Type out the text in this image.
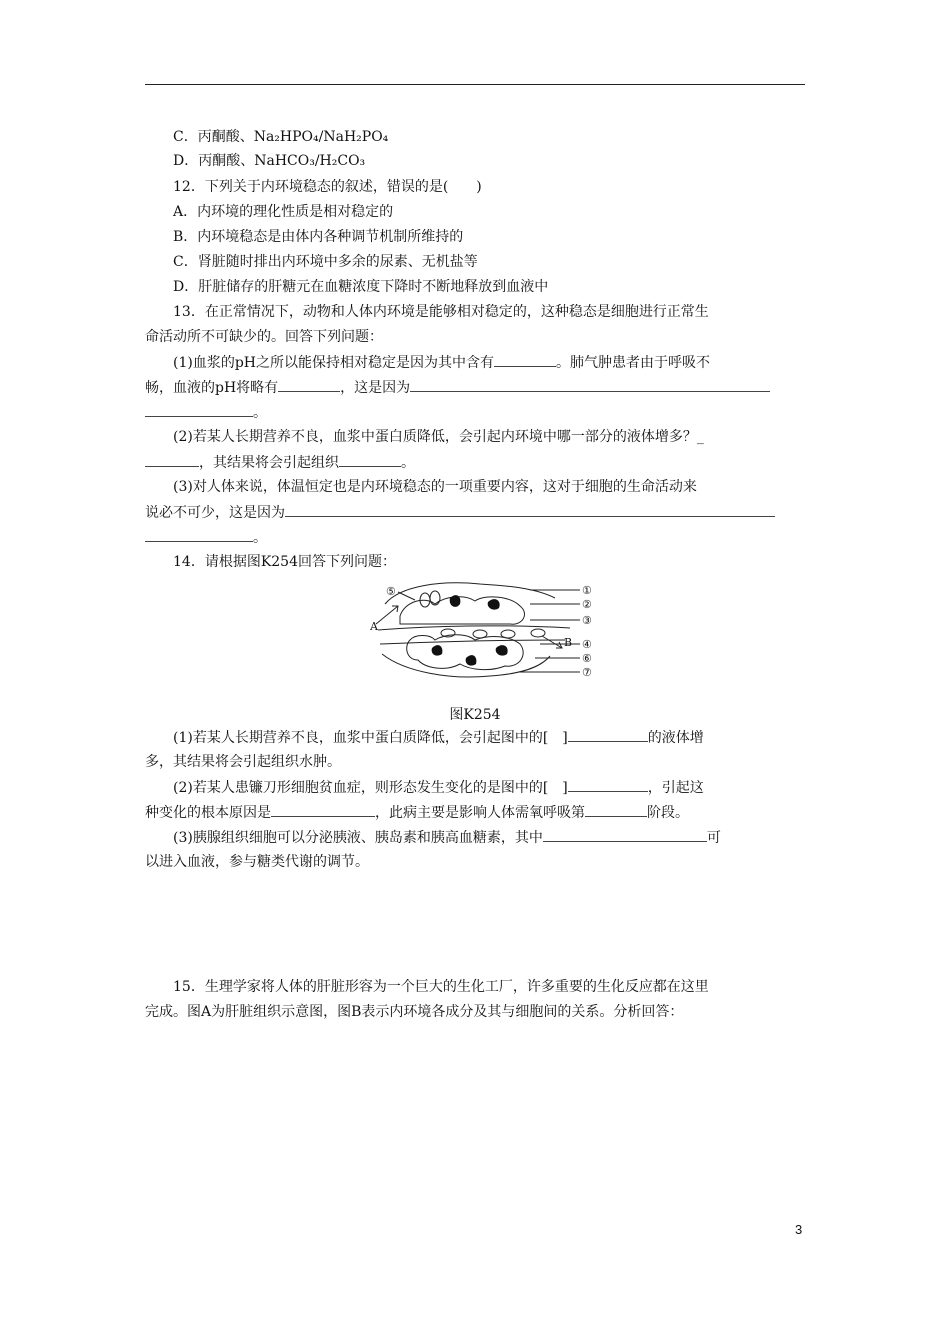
C．丙酮酸、Na₂HPO₄/NaH₂PO₄
D．丙酮酸、NaHCO₃/H₂CO₃
12．下列关于内环境稳态的叙述，错误的是(　　)
A．内环境的理化性质是相对稳定的
B．内环境稳态是由体内各种调节机制所维持的
C．肾脏随时排出内环境中多余的尿素、无机盐等
D．肝脏储存的肝糖元在血糖浓度下降时不断地释放到血液中
13．在正常情况下，动物和人体内环境是能够相对稳定的，这种稳态是细胞进行正常生
命活动所不可缺少的。回答下列问题：
(1)血浆的pH之所以能保持相对稳定是因为其中含有	。肺气肿患者由于呼吸不
畅，血液的pH将略有	，这是因为
。
(2)若某人长期营养不良，血浆中蛋白质降低，会引起内环境中哪一部分的液体增多？_
，其结果将会引起组织	。
(3)对人体来说，体温恒定也是内环境稳态的一项重要内容，这对于细胞的生命活动来
说必不可少，这是因为
。
14．请根据图K254回答下列问题：
①
②
③
④
⑤
⑥
⑦
A
B
图K254
(1)若某人长期营养不良，血浆中蛋白质降低，会引起图中的[　]	的液体增
多，其结果将会引起组织水肿。
(2)若某人患镰刀形细胞贫血症，则形态发生变化的是图中的[　]	，引起这
种变化的根本原因是	，此病主要是影响人体需氧呼吸第	阶段。
(3)胰腺组织细胞可以分泌胰液、胰岛素和胰高血糖素，其中	可
以进入血液，参与糖类代谢的调节。
15．生理学家将人体的肝脏形容为一个巨大的生化工厂，许多重要的生化反应都在这里
完成。图A为肝脏组织示意图，图B表示内环境各成分及其与细胞间的关系。分析回答：
3
